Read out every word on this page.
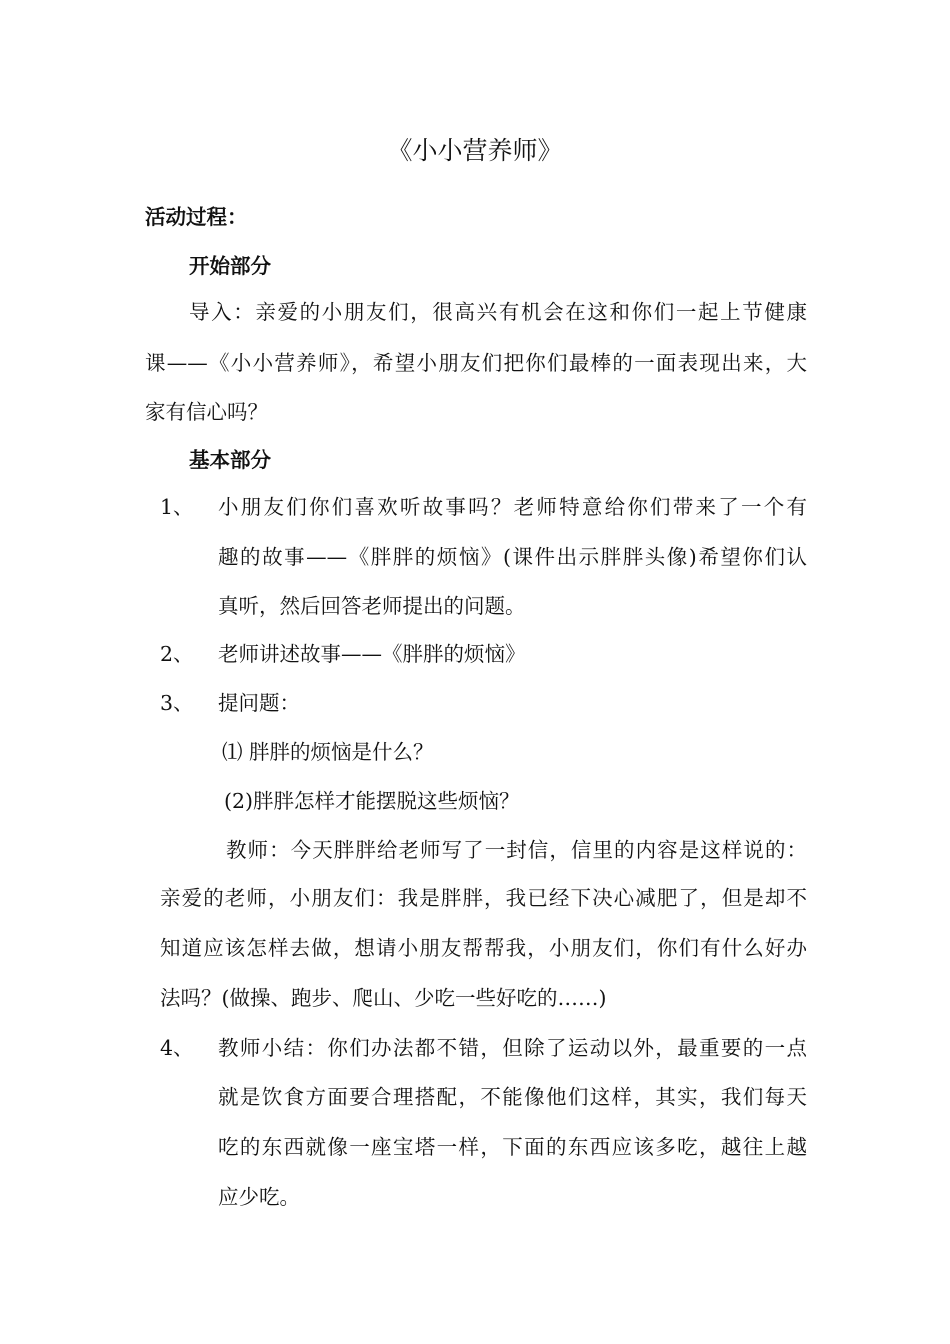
《小小营养师》
活动过程：
开始部分
导入：亲爱的小朋友们，很高兴有机会在这和你们一起上节健康
课——《小小营养师》，希望小朋友们把你们最棒的一面表现出来，大
家有信心吗？
基本部分
1、 小朋友们你们喜欢听故事吗？老师特意给你们带来了一个有
趣的故事——《胖胖的烦恼》(课件出示胖胖头像)希望你们认
真听，然后回答老师提出的问题。
2、 老师讲述故事——《胖胖的烦恼》
3、 提问题：
⑴ 胖胖的烦恼是什么？
(2)胖胖怎样才能摆脱这些烦恼？
教师：今天胖胖给老师写了一封信，信里的内容是这样说的：
亲爱的老师，小朋友们：我是胖胖，我已经下决心减肥了，但是却不
知道应该怎样去做，想请小朋友帮帮我，小朋友们，你们有什么好办
法吗？(做操、跑步、爬山、少吃一些好吃的……)
4、 教师小结：你们办法都不错，但除了运动以外，最重要的一点
就是饮食方面要合理搭配，不能像他们这样，其实，我们每天
吃的东西就像一座宝塔一样，下面的东西应该多吃，越往上越
应少吃。
